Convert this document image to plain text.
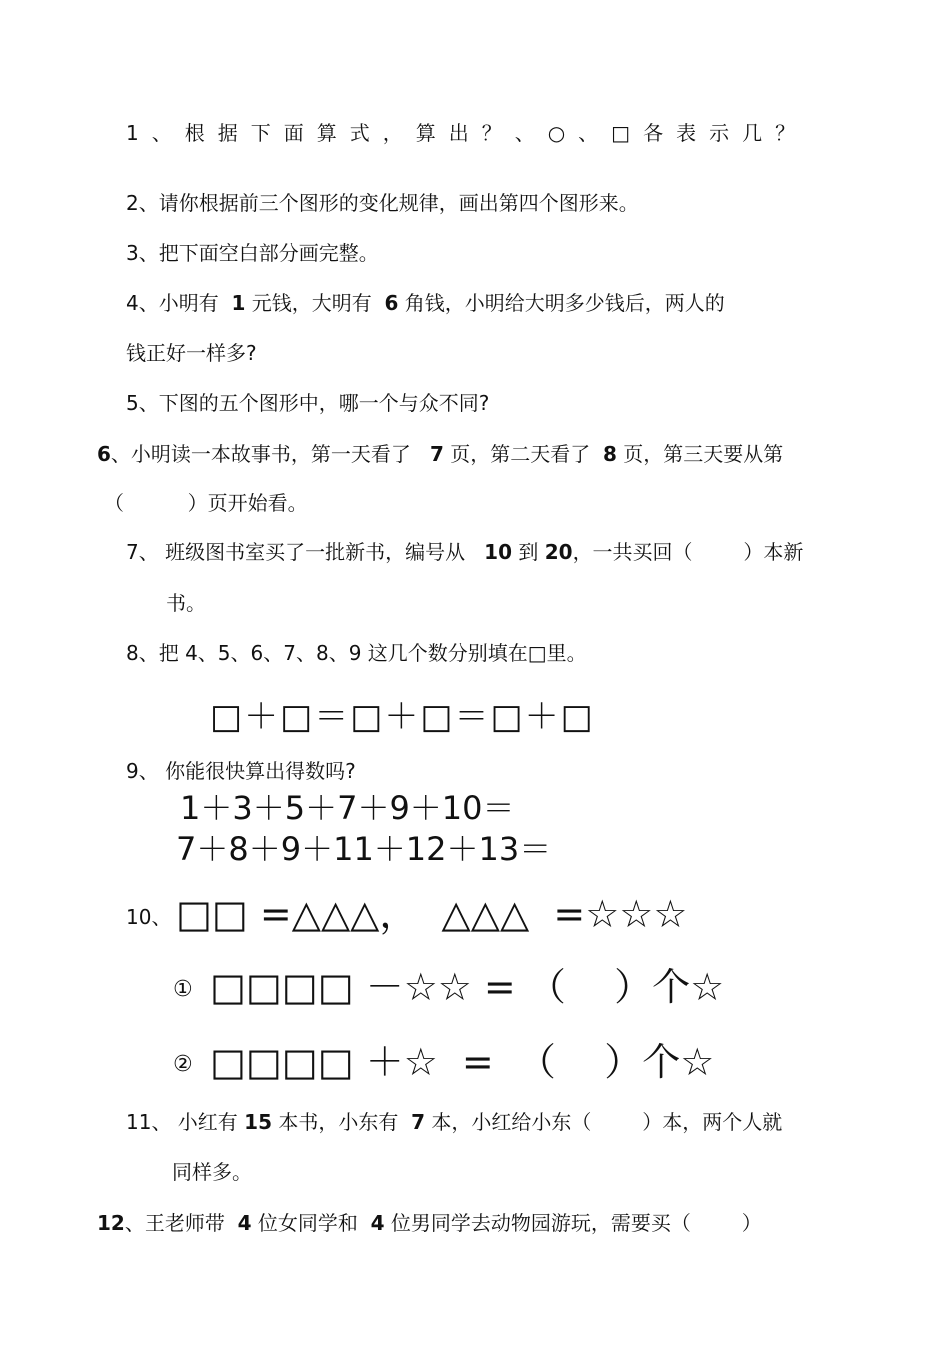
1、根据下面算式，算出？、○、□各表示几？
2、请你根据前三个图形的变化规律，画出第四个图形来。
3、把下面空白部分画完整。
4、小明有  1 元钱，大明有  6 角钱，小明给大明多少钱后，两人的
钱正好一样多?
5、下图的五个图形中，哪一个与众不同?
6、小明读一本故事书，第一天看了   7 页，第二天看了  8 页，第三天要从第
（          ）页开始看。
7、 班级图书室买了一批新书，编号从   10 到 20，一共买回（        ）本新
书。
8、把 4、5、6、7、8、9 这几个数分别填在□里。
□＋□＝□＋□＝□＋□
9、 你能很快算出得数吗?
1＋3＋5＋7＋9＋10＝
7＋8＋9＋11＋12＋13＝
10、 □□ =△△△，  △△△  =☆☆☆
① □□□□ －☆☆ = （    ）个☆
② □□□□ ＋☆  =  （    ）个☆
11、 小红有 15 本书，小东有  7 本，小红给小东（        ）本，两个人就
同样多。
12、王老师带  4 位女同学和  4 位男同学去动物园游玩，需要买（        ）
